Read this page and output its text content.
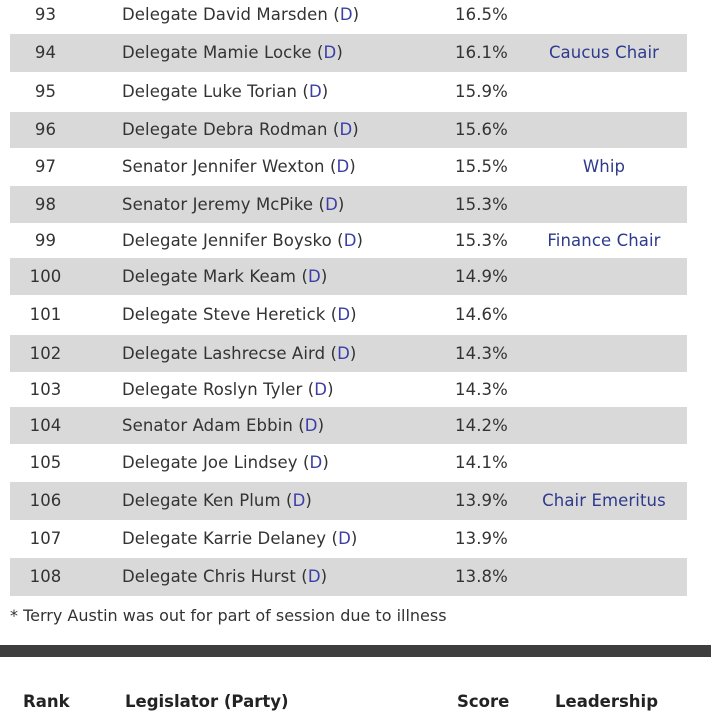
93	Delegate David Marsden (D)	16.5%
94	Delegate Mamie Locke (D)	16.1%	Caucus Chair
95	Delegate Luke Torian (D)	15.9%
96	Delegate Debra Rodman (D)	15.6%
97	Senator Jennifer Wexton (D)	15.5%	Whip
98	Senator Jeremy McPike (D)	15.3%
99	Delegate Jennifer Boysko (D)	15.3%	Finance Chair
100	Delegate Mark Keam (D)	14.9%
101	Delegate Steve Heretick (D)	14.6%
102	Delegate Lashrecse Aird (D)	14.3%
103	Delegate Roslyn Tyler (D)	14.3%
104	Senator Adam Ebbin (D)	14.2%
105	Delegate Joe Lindsey (D)	14.1%
106	Delegate Ken Plum (D)	13.9%	Chair Emeritus
107	Delegate Karrie Delaney (D)	13.9%
108	Delegate Chris Hurst (D)	13.8%
* Terry Austin was out for part of session due to illness
Rank	Legislator (Party)	Score	Leadership
